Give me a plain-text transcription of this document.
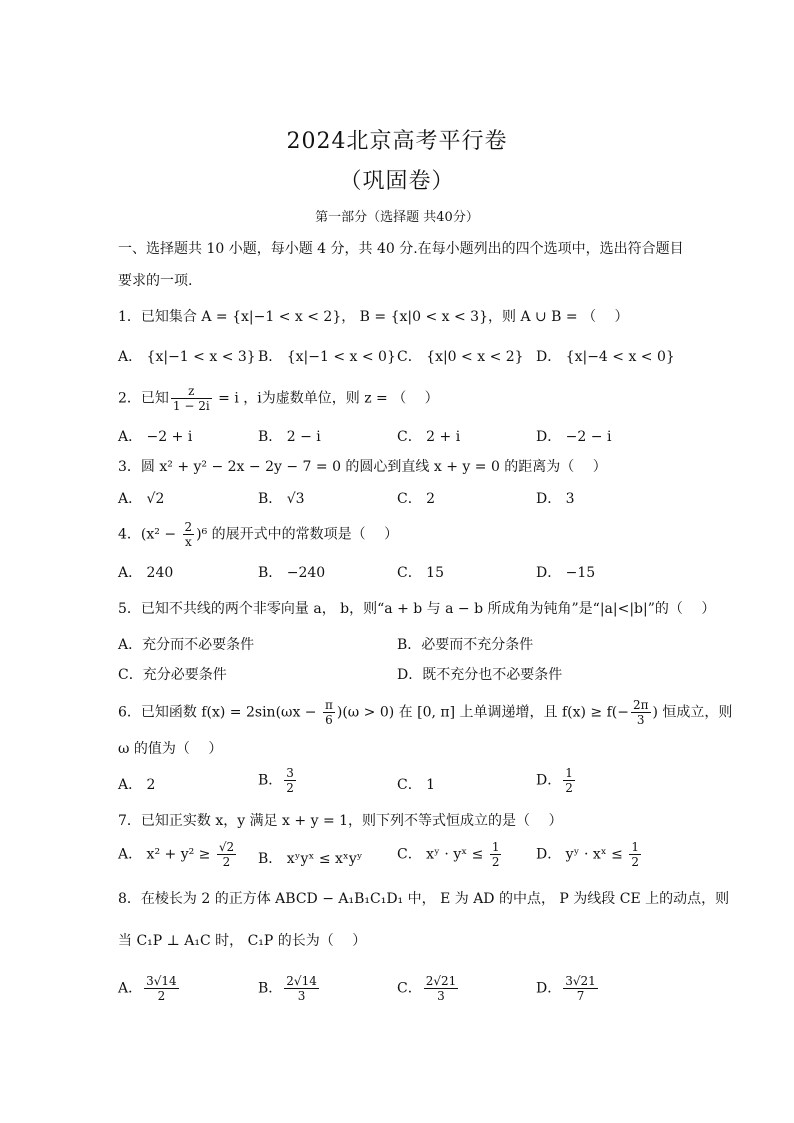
2024北京高考平行卷
（巩固卷）
第一部分（选择题 共40分）
一、选择题共 10 小题，每小题 4 分，共 40 分.在每小题列出的四个选项中，选出符合题目
要求的一项.
1．已知集合 A = {x|−1 < x < 2}， B = {x|0 < x < 3}，则 A ∪ B = （　 ）
A． {x|−1 < x < 3} B． {x|−1 < x < 0} C． {x|0 < x < 2} D． {x|−4 < x < 0}
2．已知 $\frac{z}{1 - 2i} = i$ ，i为虚数单位，则 z = （　 ）
A． −2 + i	B． 2 − i	C． 2 + i	D． −2 − i
3．圆 x² + y² − 2x − 2y − 7 = 0 的圆心到直线 x + y = 0 的距离为（　 ）
A． √2	B． √3	C． 2	D． 3
4．$(x^2 - \frac{2}{x} )^6$ 的展开式中的常数项是（　 ）
A． 240	B． −240	C． 15	D． −15
5．已知不共线的两个非零向量 a， b，则“a + b 与 a − b 所成角为钝角”是“|a|<|b|”的（　 ）
A．充分而不必要条件	B．必要而不充分条件
C．充分必要条件	D．既不充分也不必要条件
6．已知函数 $f(x) = 2\sin(\omega x - \frac{\pi}{6} )(\omega > 0)$ 在 [0, π] 上单调递增，且 $f(x) \ge f(- \frac{2\pi}{3}$ ) 恒成立，则
ω 的值为（　 ）
A． 2	B． $\frac{3}{2}$	C． 1	D． $\frac{1}{2}$
7．已知正实数 x，y 满足 x + y = 1，则下列不等式恒成立的是（　 ）
A． $x^2 + y^2 \ge \frac{√2}{2}$ B． xʸyˣ ≤ xˣyʸ C． xʸ · yˣ ≤ $\frac{1}{2}$ D． yʸ · xˣ ≤ $\frac{1}{2}$
8．在棱长为 2 的正方体 ABCD − A₁B₁C₁D₁ 中， E 为 AD 的中点， P 为线段 CE 上的动点，则
当 C₁P ⊥ A₁C 时， C₁P 的长为（　 ）
A． $\frac{3√14}{2}$	B． $\frac{2√14}{3}$	C． $\frac{2√21}{3}$	D． $\frac{3√21}{7}$
